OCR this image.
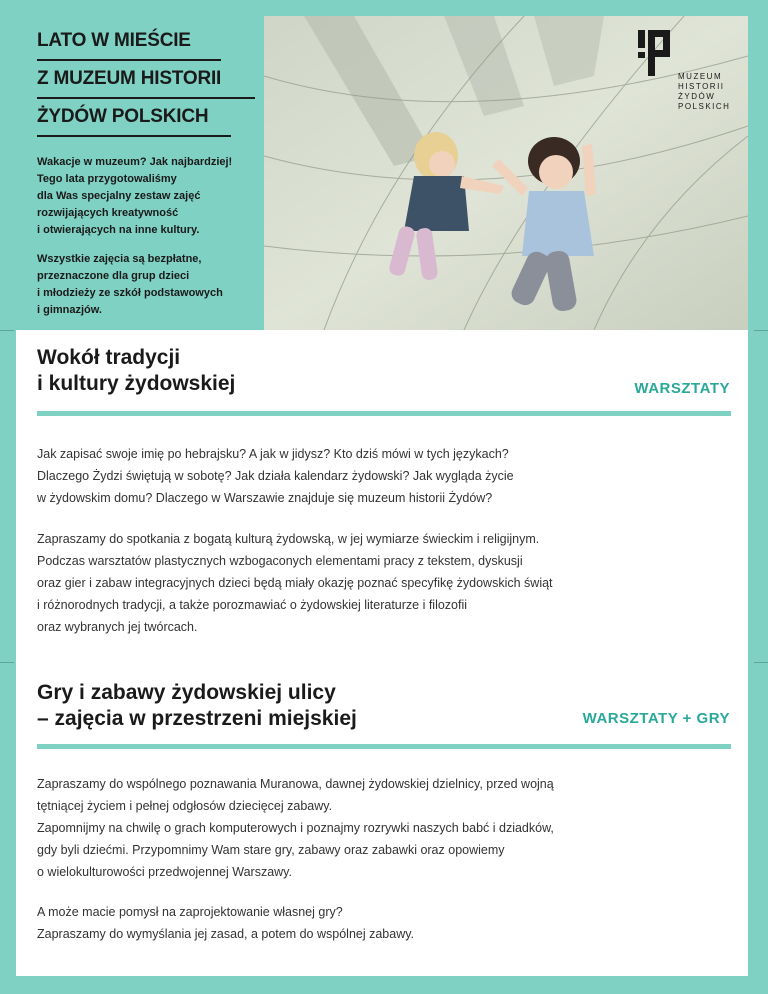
LATO W MIEŚCIE
Z MUZEUM HISTORII
ŻYDÓW POLSKICH

Wakacje w muzeum? Jak najbardziej!
Tego lata przygotowaliśmy
dla Was specjalny zestaw zajęć
rozwijających kreatywność
i otwierających na inne kultury.

Wszystkie zajęcia są bezpłatne,
przeznaczone dla grup dzieci
i młodzieży ze szkół podstawowych
i gimnazjów.

MUZEUM
HISTORII
ŻYDÓW
POLSKICH
Wokół tradycji
i kultury żydowskiej	WARSZTATY
Jak zapisać swoje imię po hebrajsku? A jak w jidysz? Kto dziś mówi w tych językach?
Dlaczego Żydzi świętują w sobotę? Jak działa kalendarz żydowski? Jak wygląda życie
w żydowskim domu? Dlaczego w Warszawie znajduje się muzeum historii Żydów?
Zapraszamy do spotkania z bogatą kulturą żydowską, w jej wymiarze świeckim i religijnym.
Podczas warsztatów plastycznych wzbogaconych elementami pracy z tekstem, dyskusji
oraz gier i zabaw integracyjnych dzieci będą miały okazję poznać specyfikę żydowskich świąt
i różnorodnych tradycji, a także porozmawiać o żydowskiej literaturze i filozofii
oraz wybranych jej twórcach.
Gry i zabawy żydowskiej ulicy
– zajęcia w przestrzeni miejskiej	WARSZTATY + GRY
Zapraszamy do wspólnego poznawania Muranowa, dawnej żydowskiej dzielnicy, przed wojną
tętniącej życiem i pełnej odgłosów dziecięcej zabawy.
Zapomnijmy na chwilę o grach komputerowych i poznajmy rozrywki naszych babć i dziadków,
gdy byli dziećmi. Przypomnimy Wam stare gry, zabawy oraz zabawki oraz opowiemy
o wielokulturowości przedwojennej Warszawy.
A może macie pomysł na zaprojektowanie własnej gry?
Zapraszamy do wymyślania jej zasad, a potem do wspólnej zabawy.
